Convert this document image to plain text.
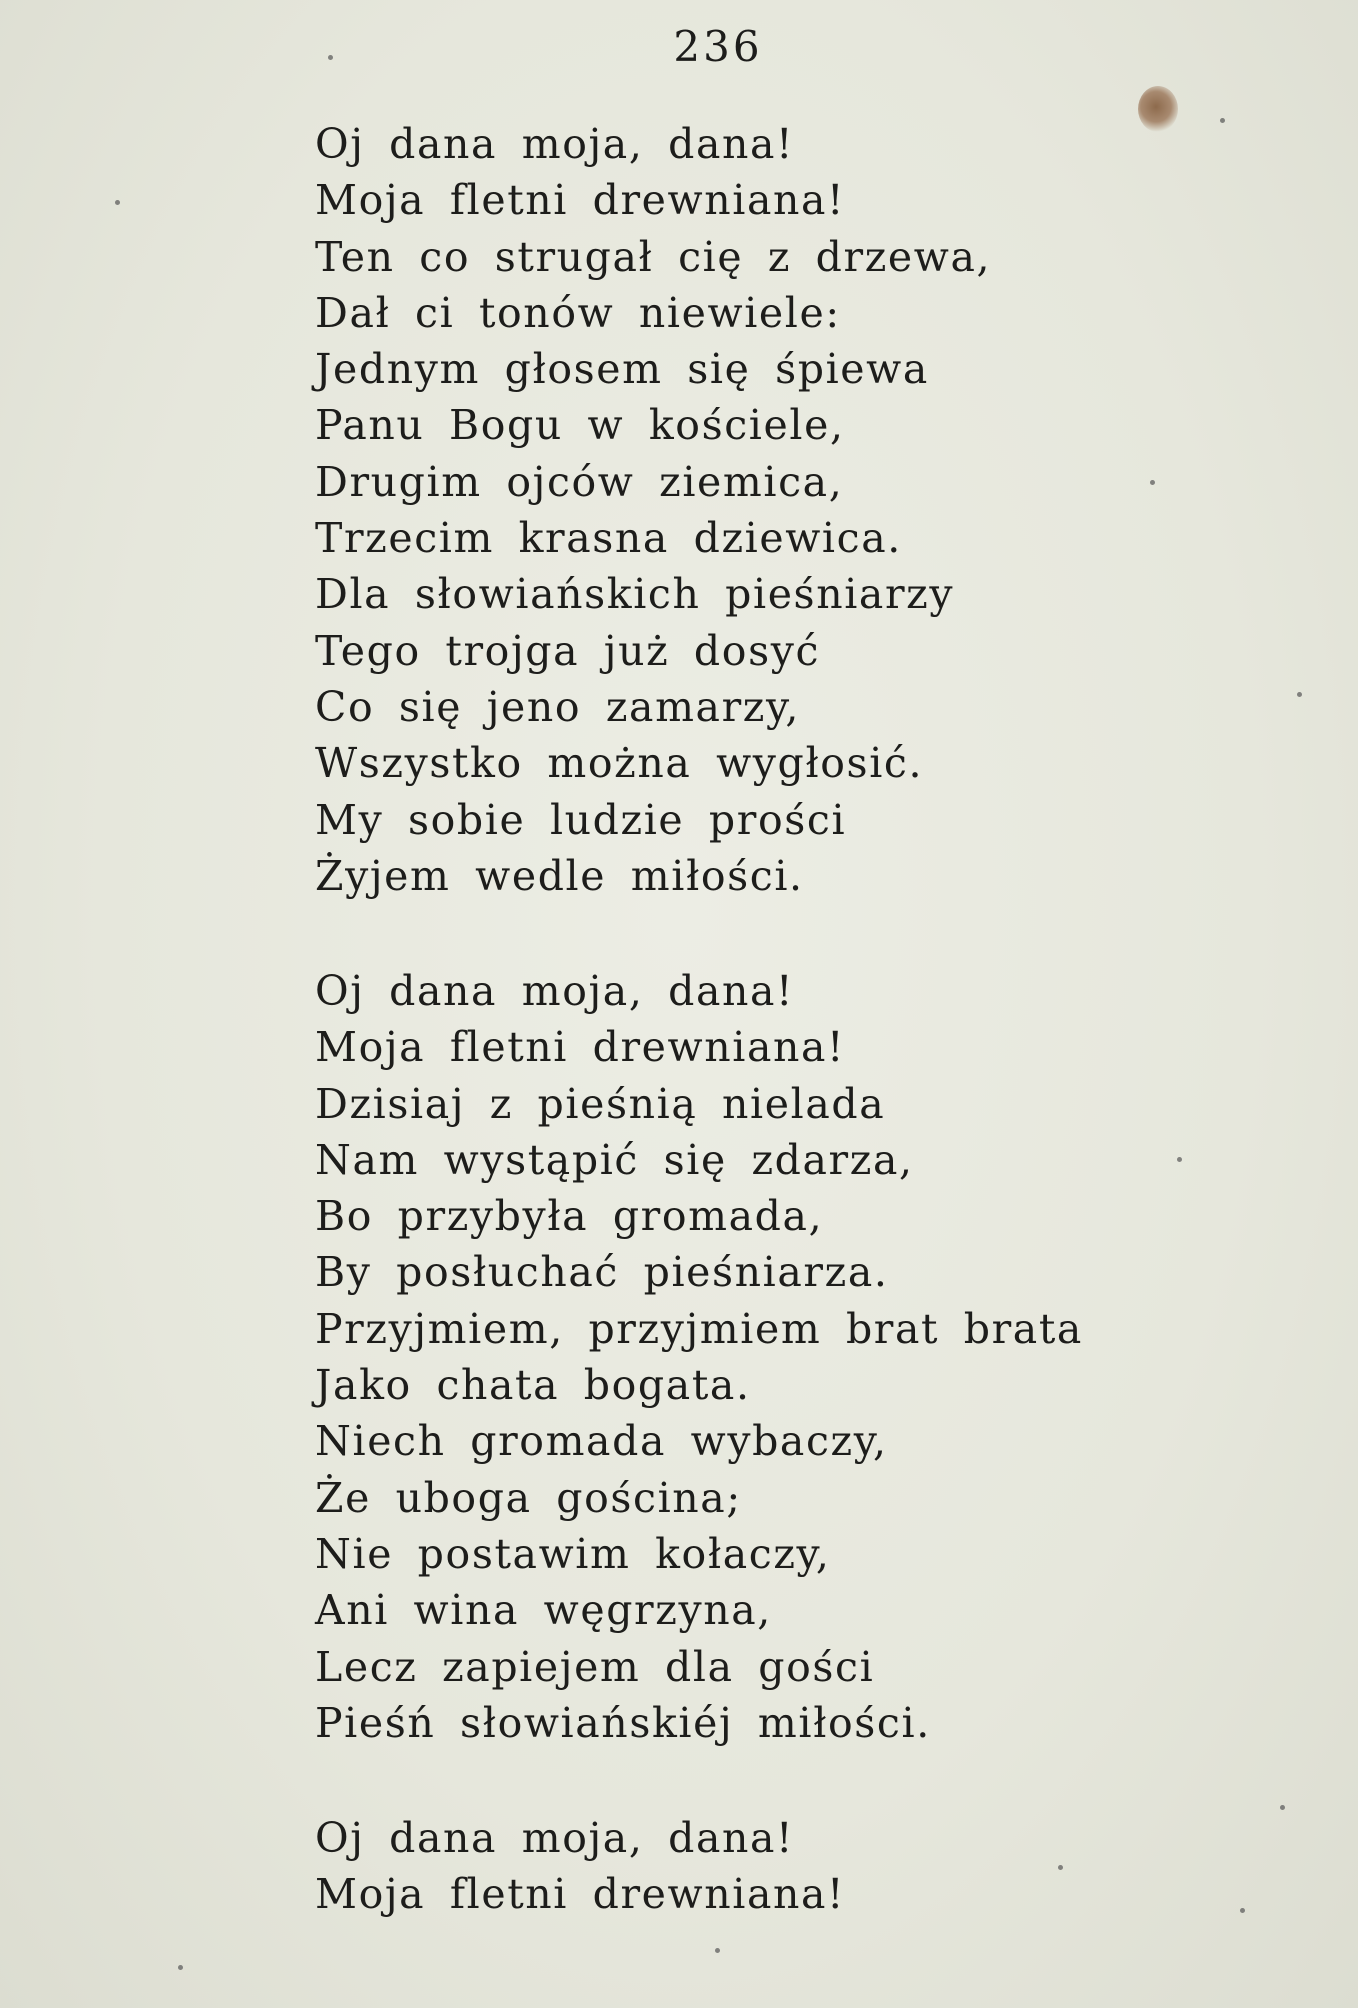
236
Oj dana moja, dana!
Moja fletni drewniana!
Ten co strugał cię z drzewa,
Dał ci tonów niewiele:
Jednym głosem się śpiewa
Panu Bogu w kościele,
Drugim ojców ziemica,
Trzecim krasna dziewica.
Dla słowiańskich pieśniarzy
Tego trojga już dosyć
Co się jeno zamarzy,
Wszystko można wygłosić.
My sobie ludzie prości
Żyjem wedle miłości.
Oj dana moja, dana!
Moja fletni drewniana!
Dzisiaj z pieśnią nielada
Nam wystąpić się zdarza,
Bo przybyła gromada,
By posłuchać pieśniarza.
Przyjmiem, przyjmiem brat brata
Jako chata bogata.
Niech gromada wybaczy,
Że uboga gościna;
Nie postawim kołaczy,
Ani wina węgrzyna,
Lecz zapiejem dla gości
Pieśń słowiańskiéj miłości.
Oj dana moja, dana!
Moja fletni drewniana!
